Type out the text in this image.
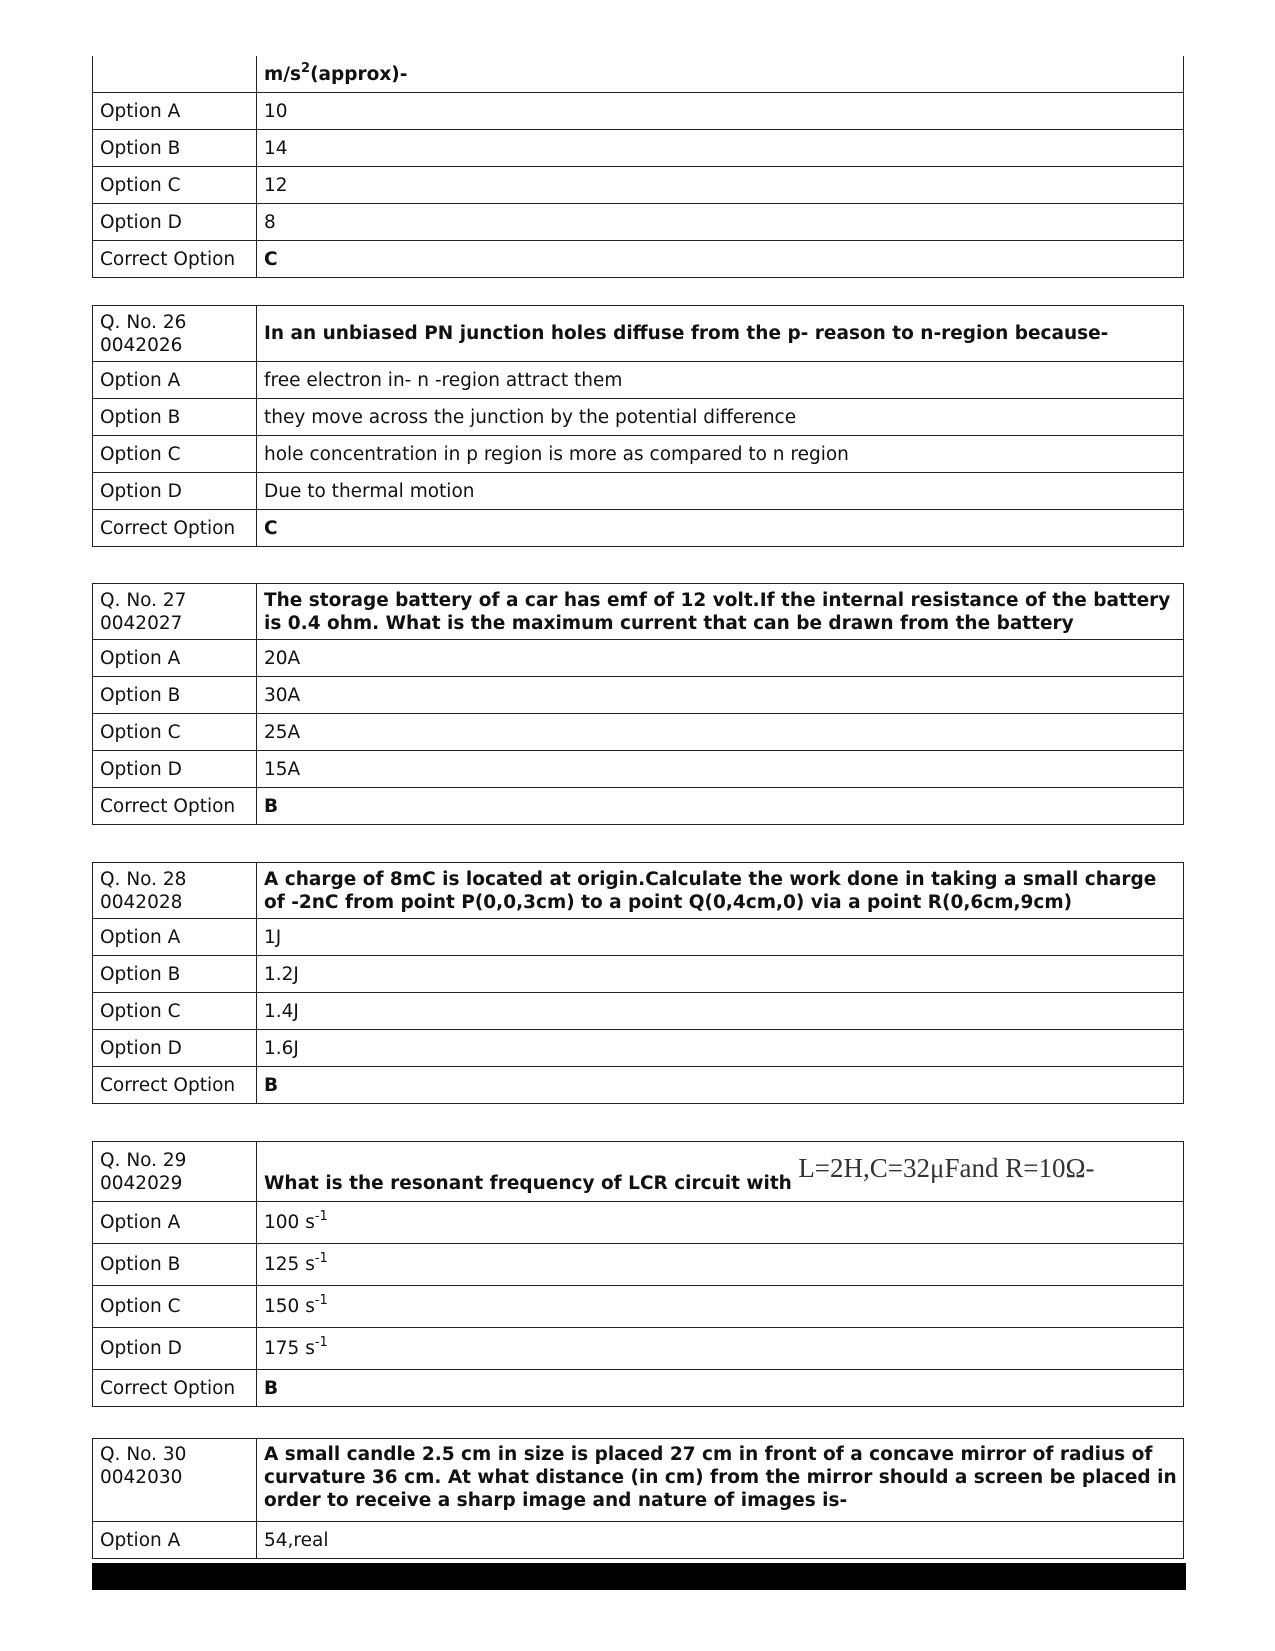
	$m/s^2(approx)-$
Option A	10
Option B	14
Option C	12
Option D	8
Correct Option	C
Q. No. 26
0042026	In an unbiased PN junction holes diffuse from the p- reason to n-region because-
Option A	free electron in- n -region attract them
Option B	they move across the junction by the potential difference
Option C	hole concentration in p region is more as compared to n region
Option D	Due to thermal motion
Correct Option	C
Q. No. 27
0042027	The storage battery of a car has emf of 12 volt.If the internal resistance of the battery is 0.4 ohm. What is the maximum current that can be drawn from the battery
Option A	20A
Option B	30A
Option C	25A
Option D	15A
Correct Option	B
Q. No. 28
0042028	A charge of 8mC is located at origin.Calculate the work done in taking a small charge of -2nC from point P(0,0,3cm) to a point Q(0,4cm,0) via a point R(0,6cm,9cm)
Option A	1J
Option B	1.2J
Option C	1.4J
Option D	1.6J
Correct Option	B
Q. No. 29
0042029	What is the resonant frequency of LCR circuit with L=2H,C=32μFand R=10Ω-
Option A	100 $s^{-1}$
Option B	125 $s^{-1}$
Option C	150 $s^{-1}$
Option D	175 $s^{-1}$
Correct Option	B
Q. No. 30
0042030	A small candle 2.5 cm in size is placed 27 cm in front of a concave mirror of radius of curvature 36 cm. At what distance (in cm) from the mirror should a screen be placed in order to receive a sharp image and nature of images is-
Option A	54,real
